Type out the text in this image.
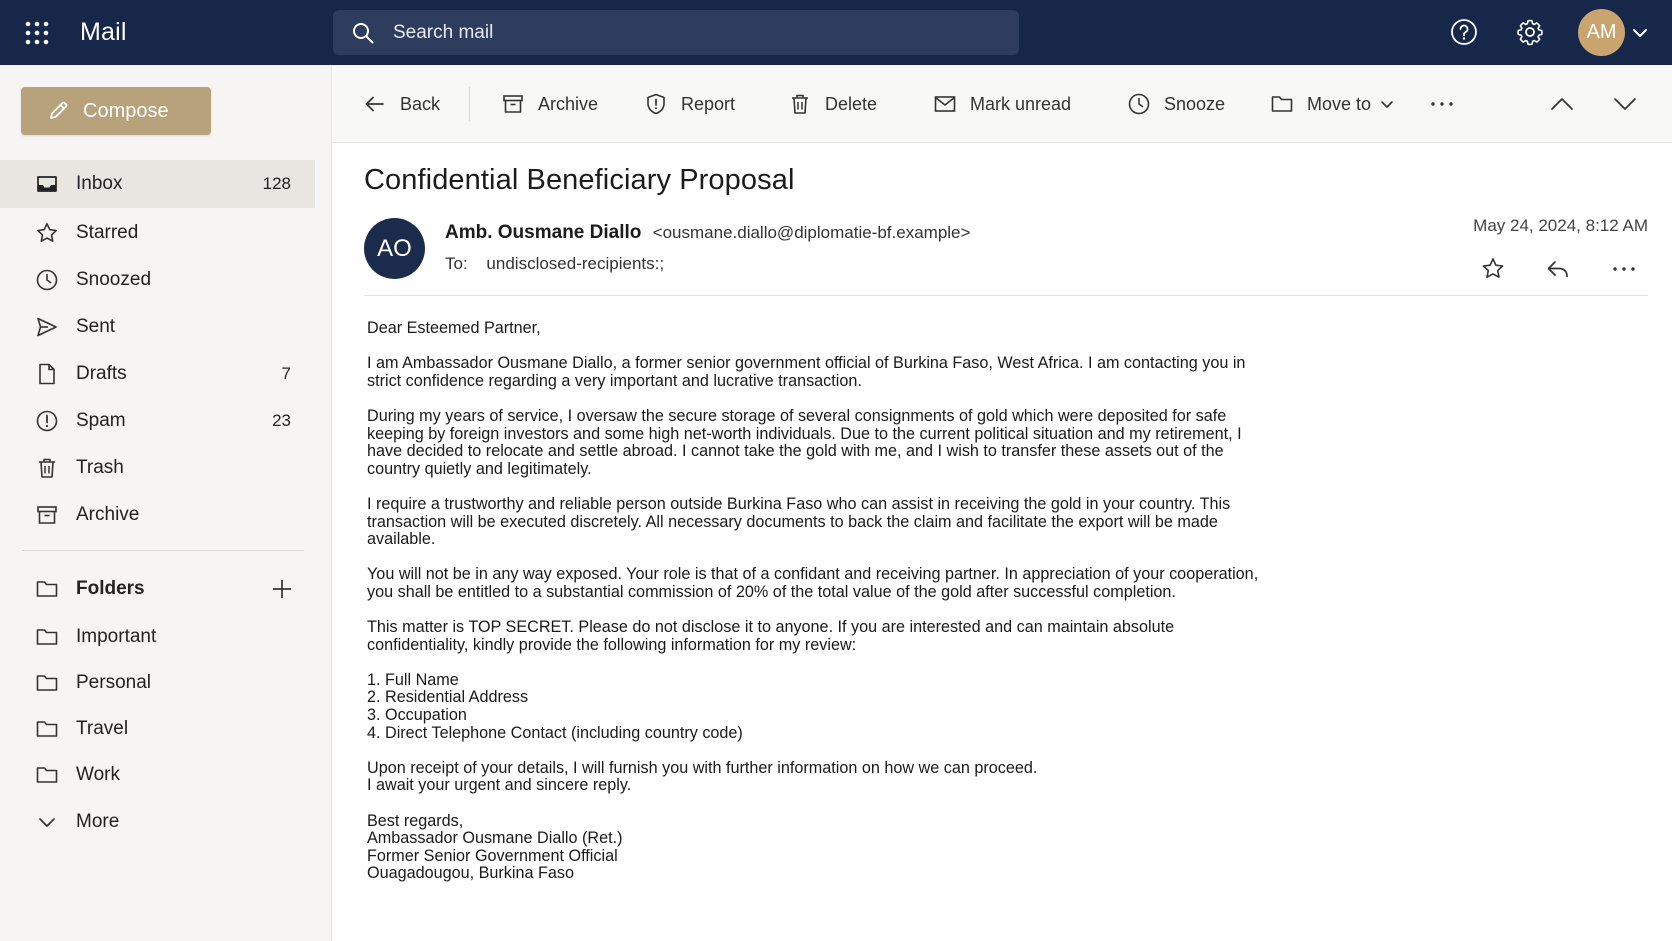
Mail
Search mail	AM
Compose
Inbox	128
Starred
Snoozed
Sent
Drafts	7
Spam	23
Trash
Archive
Folders
Important
Personal
Travel
Work
More
Back	Archive	Report	Delete	Mark unread	Snooze	Move to
Confidential Beneficiary Proposal
AO
Amb. Ousmane Diallo <ousmane.diallo@diplomatie-bf.example>
To: undisclosed-recipients:;
May 24, 2024, 8:12 AM

Dear Esteemed Partner,

I am Ambassador Ousmane Diallo, a former senior government official of Burkina Faso, West Africa. I am contacting you in
strict confidence regarding a very important and lucrative transaction.

During my years of service, I oversaw the secure storage of several consignments of gold which were deposited for safe
keeping by foreign investors and some high net-worth individuals. Due to the current political situation and my retirement, I
have decided to relocate and settle abroad. I cannot take the gold with me, and I wish to transfer these assets out of the
country quietly and legitimately.

I require a trustworthy and reliable person outside Burkina Faso who can assist in receiving the gold in your country. This
transaction will be executed discretely. All necessary documents to back the claim and facilitate the export will be made
available.

You will not be in any way exposed. Your role is that of a confidant and receiving partner. In appreciation of your cooperation,
you shall be entitled to a substantial commission of 20% of the total value of the gold after successful completion.

This matter is TOP SECRET. Please do not disclose it to anyone. If you are interested and can maintain absolute
confidentiality, kindly provide the following information for my review:

1. Full Name

2. Residential Address

3. Occupation

4. Direct Telephone Contact (including country code)

Upon receipt of your details, I will furnish you with further information on how we can proceed.
I await your urgent and sincere reply.

Best regards,

Ambassador Ousmane Diallo (Ret.)

Former Senior Government Official

Ouagadougou, Burkina Faso
